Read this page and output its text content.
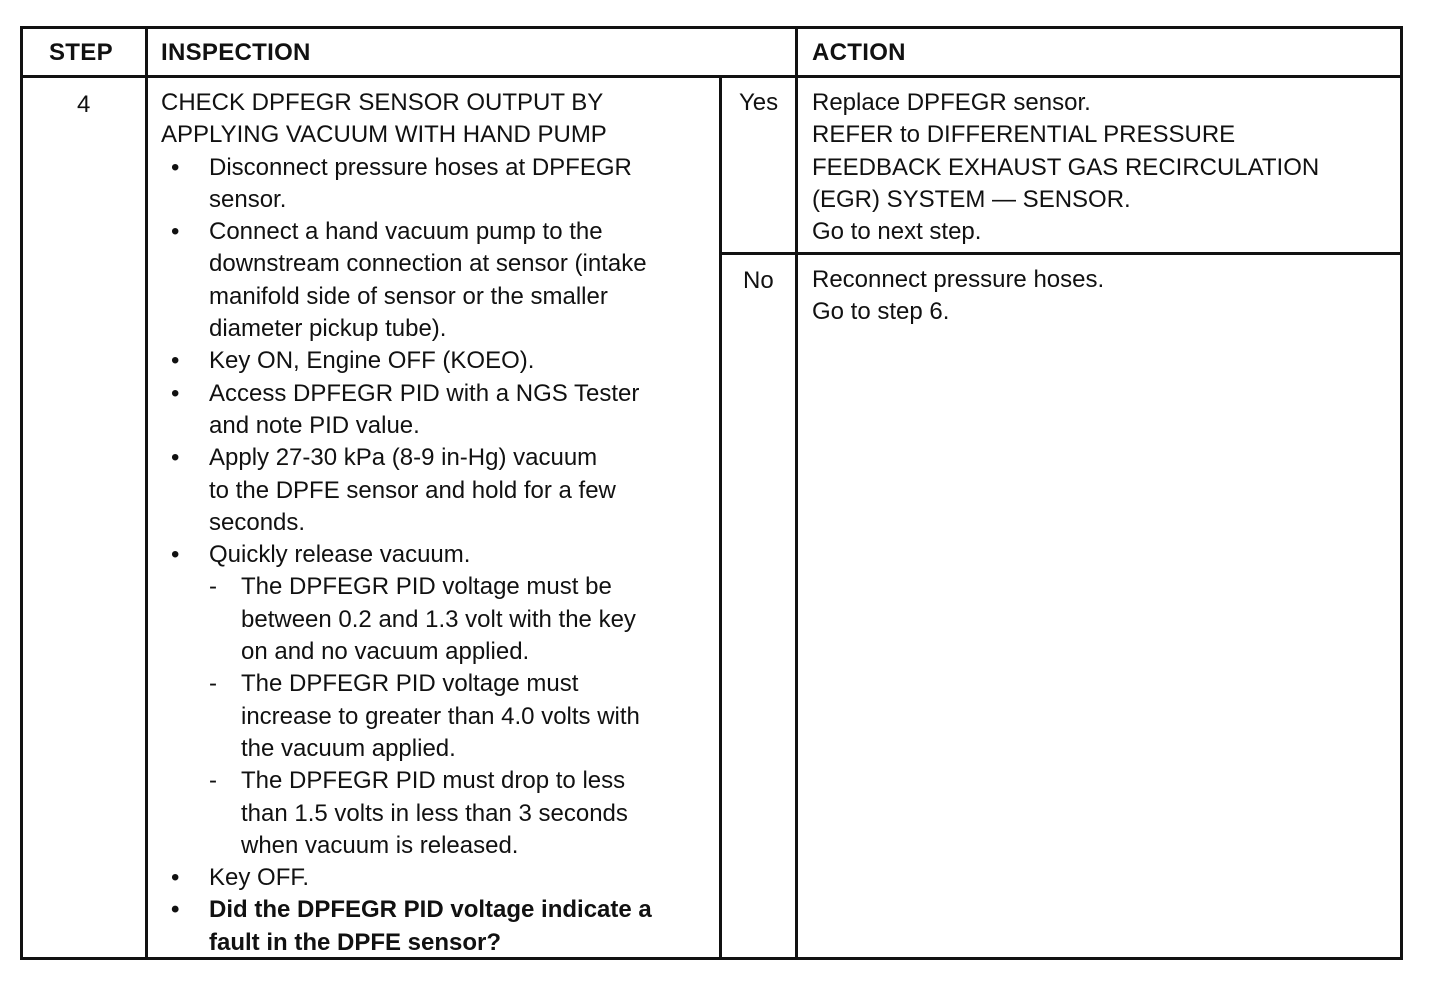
STEP INSPECTION	ACTION
4	CHECK DPFEGR SENSOR OUTPUT BY
APPLYING VACUUM WITH HAND PUMP
• Disconnect pressure hoses at DPFEGR
sensor.
• Connect a hand vacuum pump to the
downstream connection at sensor (intake
manifold side of sensor or the smaller
diameter pickup tube).
• Key ON, Engine OFF (KOEO).
• Access DPFEGR PID with a NGS Tester
and note PID value.
• Apply 27-30 kPa (8-9 in-Hg) vacuum
to the DPFE sensor and hold for a few
seconds.
• Quickly release vacuum.
- The DPFEGR PID voltage must be
between 0.2 and 1.3 volt with the key
on and no vacuum applied.
- The DPFEGR PID voltage must
increase to greater than 4.0 volts with
the vacuum applied.
- The DPFEGR PID must drop to less
than 1.5 volts in less than 3 seconds
when vacuum is released.
• Key OFF.
• Did the DPFEGR PID voltage indicate a
fault in the DPFE sensor?
Yes
No
Replace DPFEGR sensor.
REFER to DIFFERENTIAL PRESSURE
FEEDBACK EXHAUST GAS RECIRCULATION
(EGR) SYSTEM — SENSOR.
Go to next step.
Reconnect pressure hoses.
Go to step 6.
